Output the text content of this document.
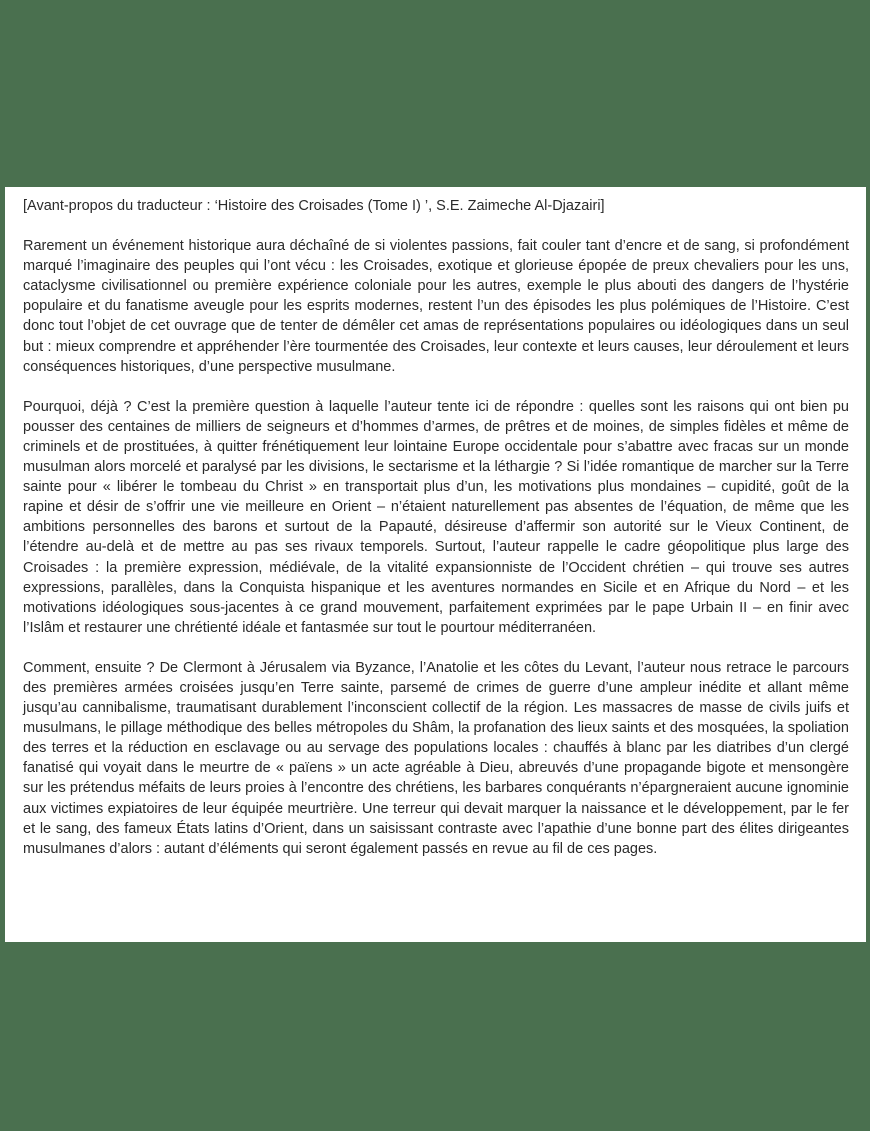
[Avant-propos du traducteur : ‘Histoire des Croisades (Tome I) ’, S.E. Zaimeche Al-Djazairi]

Rarement un événement historique aura déchaîné de si violentes passions, fait couler tant d’encre et de sang, si profondément marqué l’imaginaire des peuples qui l’ont vécu : les Croisades, exotique et glorieuse épopée de preux chevaliers pour les uns, cataclysme civilisationnel ou première expérience coloniale pour les autres, exemple le plus abouti des dangers de l’hystérie populaire et du fanatisme aveugle pour les esprits modernes, restent l’un des épisodes les plus polémiques de l’Histoire. C’est donc tout l’objet de cet ouvrage que de tenter de démêler cet amas de représentations populaires ou idéologiques dans un seul but : mieux comprendre et appréhender l’ère tourmentée des Croisades, leur contexte et leurs causes, leur déroulement et leurs conséquences historiques, d’une perspective musulmane.

Pourquoi, déjà ? C’est la première question à laquelle l’auteur tente ici de répondre : quelles sont les raisons qui ont bien pu pousser des centaines de milliers de seigneurs et d’hommes d’armes, de prêtres et de moines, de simples fidèles et même de criminels et de prostituées, à quitter frénétiquement leur lointaine Europe occidentale pour s’abattre avec fracas sur un monde musulman alors morcelé et paralysé par les divisions, le sectarisme et la léthargie ? Si l’idée romantique de marcher sur la Terre sainte pour « libérer le tombeau du Christ » en transportait plus d’un, les motivations plus mondaines – cupidité, goût de la rapine et désir de s’offrir une vie meilleure en Orient – n’étaient naturellement pas absentes de l’équation, de même que les ambitions personnelles des barons et surtout de la Papauté, désireuse d’affermir son autorité sur le Vieux Continent, de l’étendre au-delà et de mettre au pas ses rivaux temporels. Surtout, l’auteur rappelle le cadre géopolitique plus large des Croisades : la première expression, médiévale, de la vitalité expansionniste de l’Occident chrétien – qui trouve ses autres expressions, parallèles, dans la Conquista hispanique et les aventures normandes en Sicile et en Afrique du Nord – et les motivations idéologiques sous-jacentes à ce grand mouvement, parfaitement exprimées par le pape Urbain II – en finir avec l’Islâm et restaurer une chrétienté idéale et fantasmée sur tout le pourtour méditerranéen.

Comment, ensuite ? De Clermont à Jérusalem via Byzance, l’Anatolie et les côtes du Levant, l’auteur nous retrace le parcours des premières armées croisées jusqu’en Terre sainte, parsemé de crimes de guerre d’une ampleur inédite et allant même jusqu’au cannibalisme, traumatisant durablement l’inconscient collectif de la région. Les massacres de masse de civils juifs et musulmans, le pillage méthodique des belles métropoles du Shâm, la profanation des lieux saints et des mosquées, la spoliation des terres et la réduction en esclavage ou au servage des populations locales : chauffés à blanc par les diatribes d’un clergé fanatisé qui voyait dans le meurtre de « païens » un acte agréable à Dieu, abreuvés d’une propagande bigote et mensongère sur les prétendus méfaits de leurs proies à l’encontre des chrétiens, les barbares conquérants n’épargneraient aucune ignominie aux victimes expiatoires de leur équipée meurtrière. Une terreur qui devait marquer la naissance et le développement, par le fer et le sang, des fameux États latins d’Orient, dans un saisissant contraste avec l’apathie d’une bonne part des élites dirigeantes musulmanes d’alors : autant d’éléments qui seront également passés en revue au fil de ces pages.
